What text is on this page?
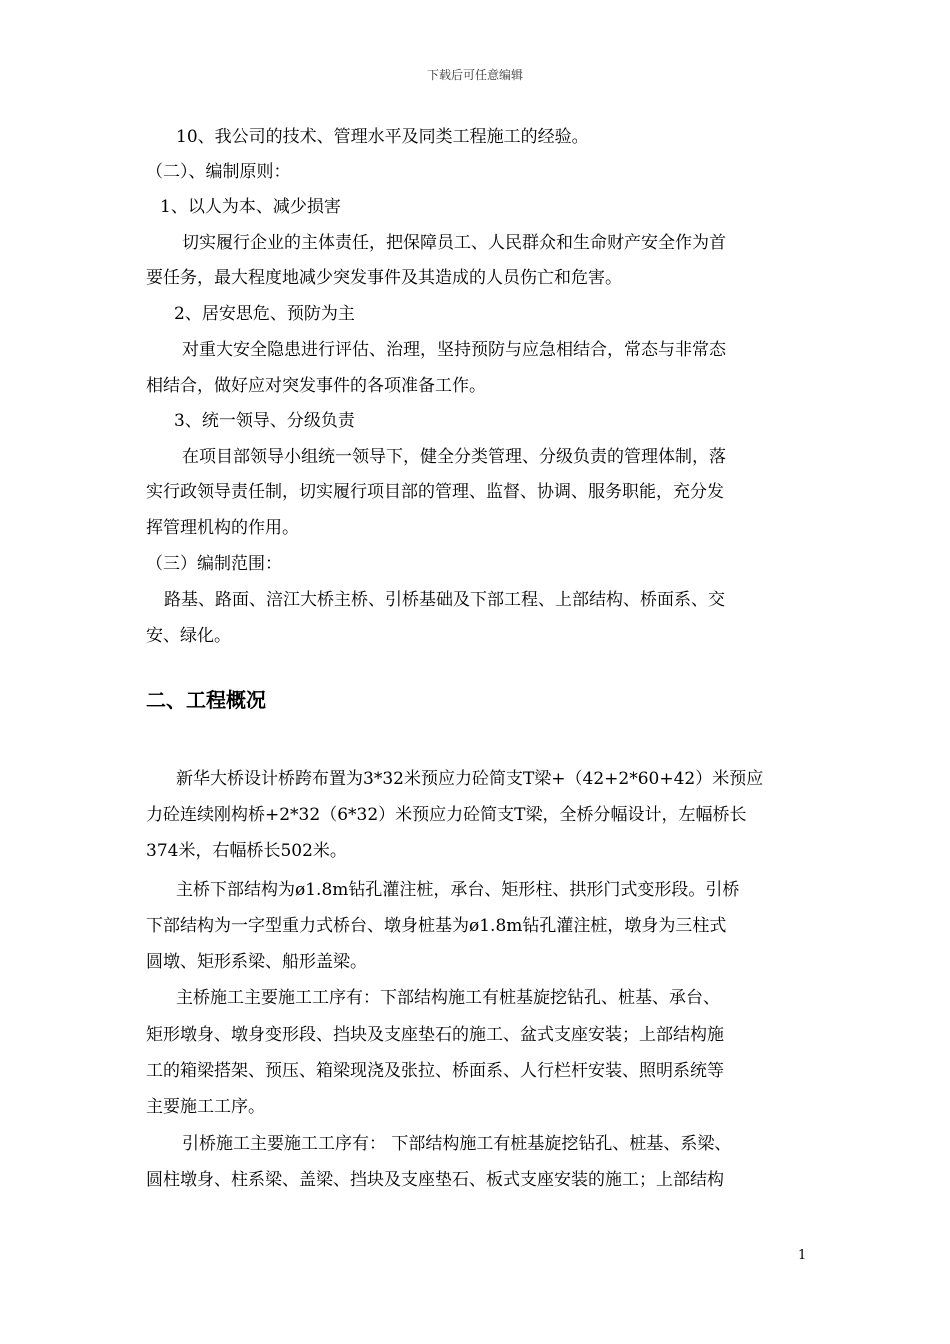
下载后可任意编辑
10、我公司的技术、管理水平及同类工程施工的经验。
（二）、编制原则：
1、以人为本、减少损害
切实履行企业的主体责任，把保障员工、人民群众和生命财产安全作为首
要任务，最大程度地减少突发事件及其造成的人员伤亡和危害。
2、居安思危、预防为主
对重大安全隐患进行评估、治理，坚持预防与应急相结合，常态与非常态
相结合，做好应对突发事件的各项准备工作。
3、统一领导、分级负责
在项目部领导小组统一领导下，健全分类管理、分级负责的管理体制，落
实行政领导责任制，切实履行项目部的管理、监督、协调、服务职能，充分发
挥管理机构的作用。
（三）编制范围：
路基、路面、涪江大桥主桥、引桥基础及下部工程、上部结构、桥面系、交
安、绿化。
二、工程概况
新华大桥设计桥跨布置为3*32米预应力砼简支T梁+（42+2*60+42）米预应
力砼连续刚构桥+2*32（6*32）米预应力砼简支T梁，全桥分幅设计，左幅桥长
374米，右幅桥长502米。
主桥下部结构为ø1.8m钻孔灌注桩，承台、矩形柱、拱形门式变形段。引桥
下部结构为一字型重力式桥台、墩身桩基为ø1.8m钻孔灌注桩，墩身为三柱式
圆墩、矩形系梁、船形盖梁。
主桥施工主要施工工序有：下部结构施工有桩基旋挖钻孔、桩基、承台、
矩形墩身、墩身变形段、挡块及支座垫石的施工、盆式支座安装；上部结构施
工的箱梁搭架、预压、箱梁现浇及张拉、桥面系、人行栏杆安装、照明系统等
主要施工工序。
引桥施工主要施工工序有： 下部结构施工有桩基旋挖钻孔、桩基、系梁、
圆柱墩身、柱系梁、盖梁、挡块及支座垫石、板式支座安装的施工；上部结构
1
